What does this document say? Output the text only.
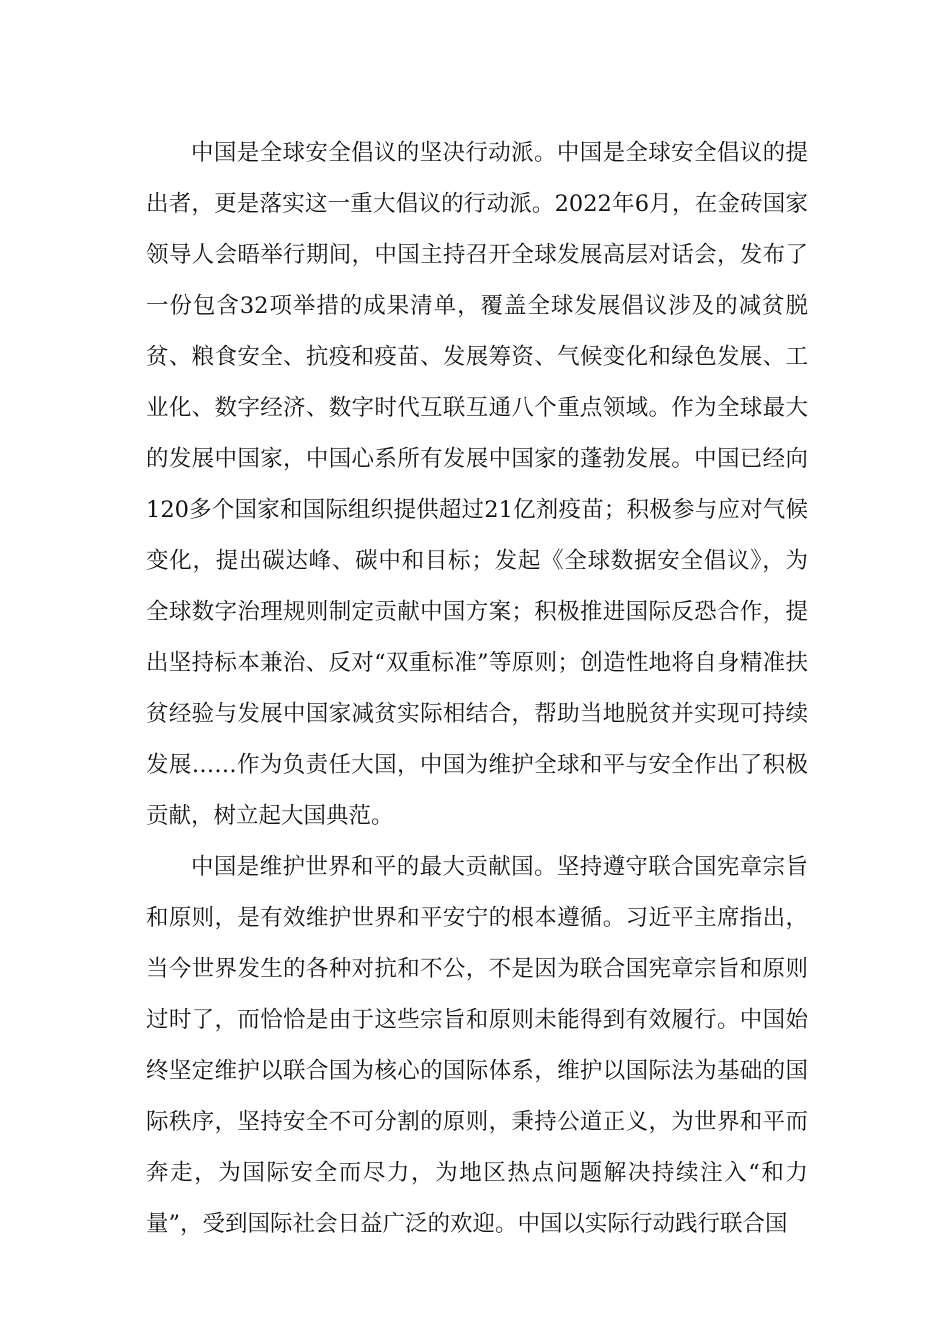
中国是全球安全倡议的坚决行动派。中国是全球安全倡议的提出者，更是落实这一重大倡议的行动派。2022年6月，在金砖国家领导人会晤举行期间，中国主持召开全球发展高层对话会，发布了一份包含32项举措的成果清单，覆盖全球发展倡议涉及的减贫脱贫、粮食安全、抗疫和疫苗、发展筹资、气候变化和绿色发展、工业化、数字经济、数字时代互联互通八个重点领域。作为全球最大的发展中国家，中国心系所有发展中国家的蓬勃发展。中国已经向120多个国家和国际组织提供超过21亿剂疫苗；积极参与应对气候变化，提出碳达峰、碳中和目标；发起《全球数据安全倡议》，为全球数字治理规则制定贡献中国方案；积极推进国际反恐合作，提出坚持标本兼治、反对“双重标准”等原则；创造性地将自身精准扶贫经验与发展中国家减贫实际相结合，帮助当地脱贫并实现可持续发展……作为负责任大国，中国为维护全球和平与安全作出了积极贡献，树立起大国典范。

中国是维护世界和平的最大贡献国。坚持遵守联合国宪章宗旨和原则，是有效维护世界和平安宁的根本遵循。习近平主席指出，当今世界发生的各种对抗和不公，不是因为联合国宪章宗旨和原则过时了，而恰恰是由于这些宗旨和原则未能得到有效履行。中国始终坚定维护以联合国为核心的国际体系，维护以国际法为基础的国际秩序，坚持安全不可分割的原则，秉持公道正义，为世界和平而奔走，为国际安全而尽力，为地区热点问题解决持续注入“和力量”，受到国际社会日益广泛的欢迎。中国以实际行动践行联合国
